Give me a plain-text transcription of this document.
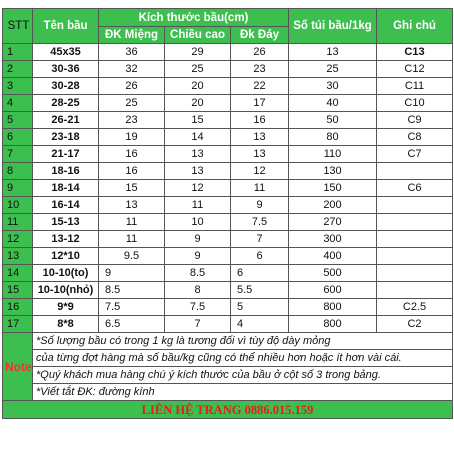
STT	Tên bầu	Kích thước bầu(cm)			Số túi bầu/1kg	Ghi chú
		ĐK Miệng	Chiều cao	Đk Đáy		
1	45x35	36	29	26	13	C13
2	30-36	32	25	23	25	C12
3	30-28	26	20	22	30	C11
4	28-25	25	20	17	40	C10
5	26-21	23	15	16	50	C9
6	23-18	19	14	13	80	C8
7	21-17	16	13	13	110	C7
8	18-16	16	13	12	130	
9	18-14	15	12	11	150	C6
10	16-14	13	11	9	200	
11	15-13	11	10	7.5	270	
12	13-12	11	9	7	300	
13	12*10	9.5	9	6	400	
14	10-10(to)	9	8.5	6	500	
15	10-10(nhỏ)	8.5	8	5.5	600	
16	9*9	7.5	7.5	5	800	C2.5
17	8*8	6.5	7	4	800	C2
Note	*Số lượng bầu có trong 1 kg là tương đối vì tùy độ dày mỏng					
	của từng đợt hàng mà số bầu/kg cũng có thể nhiều hơn hoặc ít hơn vài cái.					
	*Quý khách mua hàng chú ý kích thước của bầu ở cột số 3 trong bảng.					
	*Viết tắt ĐK: đường kính					
LIÊN HỆ TRANG 0886.015.159						
